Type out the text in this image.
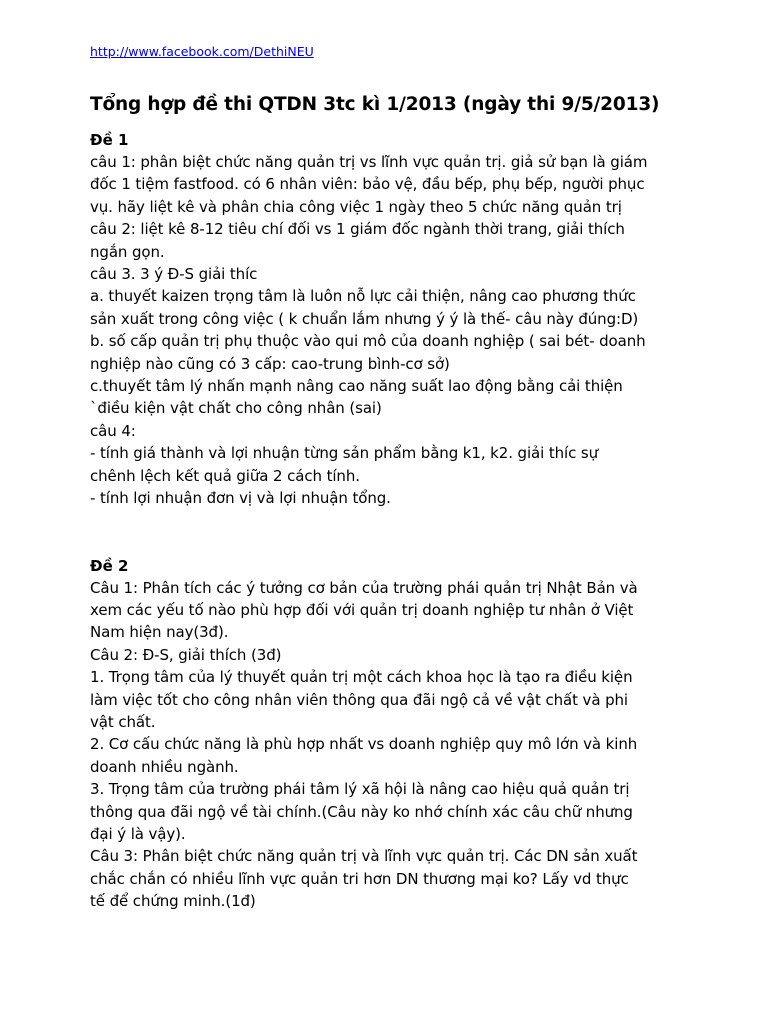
http://www.facebook.com/DethiNEU
Tổng hợp đề thi QTDN 3tc kì 1/2013 (ngày thi 9/5/2013)
Đề 1
câu 1: phân biệt chức năng quản trị vs lĩnh vực quản trị. giả sử bạn là giám
đốc 1 tiệm fastfood. có 6 nhân viên: bảo vệ, đầu bếp, phụ bếp, người phục
vụ. hãy liệt kê và phân chia công việc 1 ngày theo 5 chức năng quản trị
câu 2: liệt kê 8-12 tiêu chí đối vs 1 giám đốc ngành thời trang, giải thích
ngắn gọn.
câu 3. 3 ý Đ-S giải thíc
a. thuyết kaizen trọng tâm là luôn nỗ lực cải thiện, nâng cao phương thức
sản xuất trong công việc ( k chuẩn lắm nhưng ý ý là thế- câu này đúng:D)
b. số cấp quản trị phụ thuộc vào qui mô của doanh nghiệp ( sai bét- doanh
nghiệp nào cũng có 3 cấp: cao-trung bình-cơ sở)
c.thuyết tâm lý nhấn mạnh nâng cao năng suất lao động bằng cải thiện
`điều kiện vật chất cho công nhân (sai)
câu 4:
- tính giá thành và lợi nhuận từng sản phẩm bằng k1, k2. giải thíc sự
chênh lệch kết quả giữa 2 cách tính.
- tính lợi nhuận đơn vị và lợi nhuận tổng.
Đề 2
Câu 1: Phân tích các ý tưởng cơ bản của trường phái quản trị Nhật Bản và
xem các yếu tố nào phù hợp đối với quản trị doanh nghiệp tư nhân ở Việt
Nam hiện nay(3đ).
Câu 2: Đ-S, giải thích (3đ)
1. Trọng tâm của lý thuyết quản trị một cách khoa học là tạo ra điều kiện
làm việc tốt cho công nhân viên thông qua đãi ngộ cả về vật chất và phi
vật chất.
2. Cơ cấu chức năng là phù hợp nhất vs doanh nghiệp quy mô lớn và kinh
doanh nhiều ngành.
3. Trọng tâm của trường phái tâm lý xã hội là nâng cao hiệu quả quản trị
thông qua đãi ngộ về tài chính.(Câu này ko nhớ chính xác câu chữ nhưng
đại ý là vậy).
Câu 3: Phân biệt chức năng quản trị và lĩnh vực quản trị. Các DN sản xuất
chắc chắn có nhiều lĩnh vực quản tri hơn DN thương mại ko? Lấy vd thực
tế để chứng minh.(1đ)
